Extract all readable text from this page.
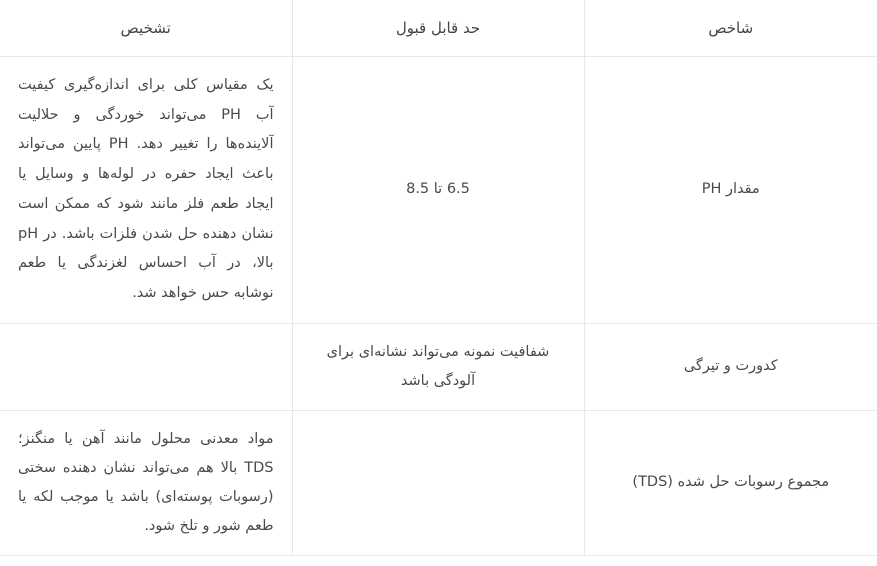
شاخص	حد قابل قبول	تشخیص
مقدار PH	6.5 تا 8.5	یک مقیاس کلی برای اندازه‌گیری کیفیت آب PH می‌تواند خوردگی و حلالیت آلاینده‌ها را تغییر دهد. PH پایین می‌تواند باعث ایجاد حفره در لوله‌ها و وسایل یا ایجاد طعم فلز مانند شود که ممکن است نشان دهنده حل شدن فلزات باشد. در pH بالا، در آب احساس لغزندگی یا طعم نوشابه حس خواهد شد.
کدورت و تیرگی	شفافیت نمونه می‌تواند نشانه‌ای برای آلودگی باشد	
مجموع رسوبات حل شده (TDS)		مواد معدنی محلول مانند آهن یا منگنز؛ TDS بالا هم می‌تواند نشان دهنده سختی (رسوبات پوسته‌ای) باشد یا موجب لکه یا طعم شور و تلخ شود.
